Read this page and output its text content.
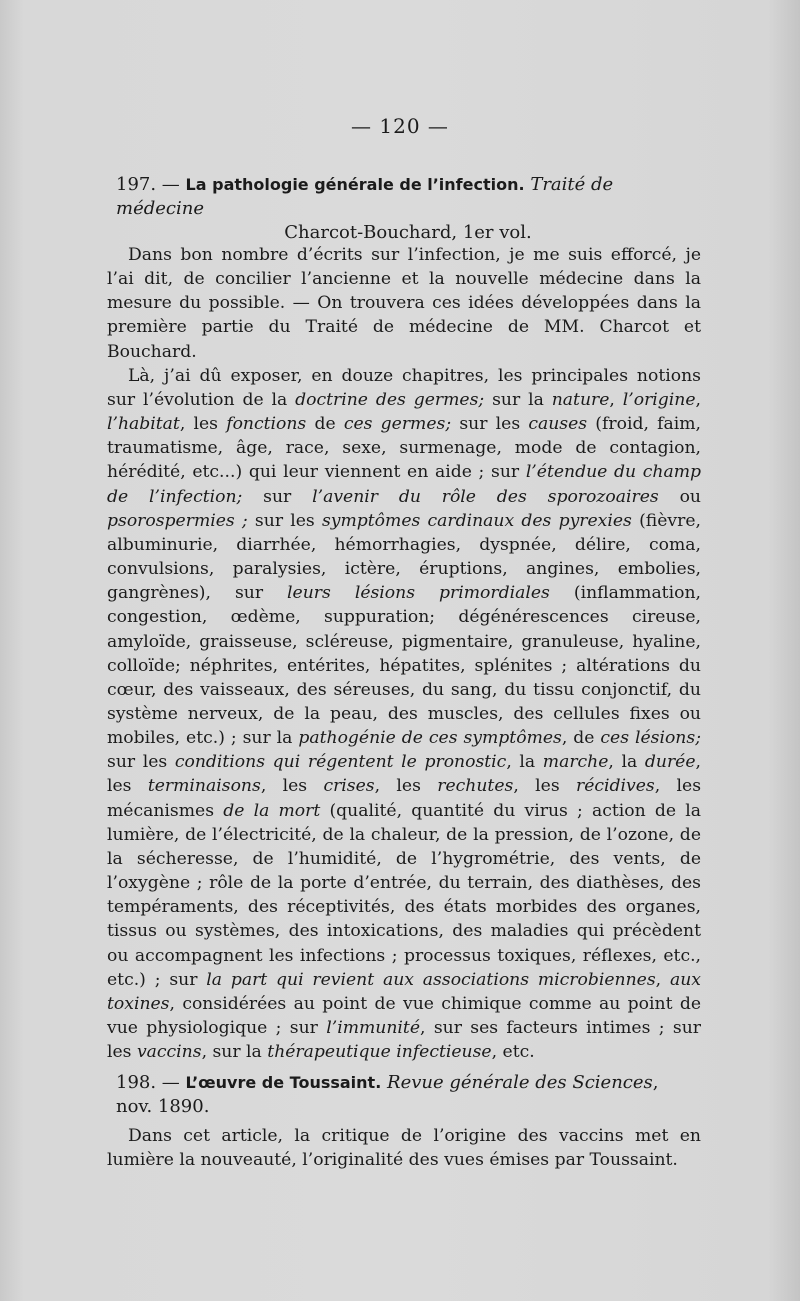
— 120 —
197. — La pathologie générale de l’infection. Traité de médecine
Charcot-Bouchard, 1er vol.

Dans bon nombre d’écrits sur l’infection, je me suis efforcé, je l’ai dit, de concilier l’ancienne et la nouvelle médecine dans la mesure du possible. — On trouvera ces idées développées dans la première partie du Traité de médecine de MM. Charcot et Bouchard.

Là, j’ai dû exposer, en douze chapitres, les principales notions sur l’évolution de la doctrine des germes; sur la nature, l’origine, l’habitat, les fonctions de ces germes; sur les causes (froid, faim, traumatisme, âge, race, sexe, surmenage, mode de contagion, hérédité, etc...) qui leur viennent en aide ; sur l’étendue du champ de l’infection; sur l’avenir du rôle des sporozoaires ou psorospermies ; sur les symptômes cardinaux des pyrexies (fièvre, albuminurie, diarrhée, hémorrhagies, dyspnée, délire, coma, convulsions, paralysies, ictère, éruptions, angines, embolies, gangrènes), sur leurs lésions primordiales (inflammation, congestion, œdème, suppuration; dégénérescences cireuse, amyloïde, graisseuse, scléreuse, pigmentaire, granuleuse, hyaline, colloïde; néphrites, entérites, hépatites, splénites ; altérations du cœur, des vaisseaux, des séreuses, du sang, du tissu conjonctif, du système nerveux, de la peau, des muscles, des cellules fixes ou mobiles, etc.) ; sur la pathogénie de ces symptômes, de ces lésions; sur les conditions qui régentent le pronostic, la marche, la durée, les terminaisons, les crises, les rechutes, les récidives, les mécanismes de la mort (qualité, quantité du virus ; action de la lumière, de l’électricité, de la chaleur, de la pression, de l’ozone, de la sécheresse, de l’humidité, de l’hygrométrie, des vents, de l’oxygène ; rôle de la porte d’entrée, du terrain, des diathèses, des tempéraments, des réceptivités, des états morbides des organes, tissus ou systèmes, des intoxications, des maladies qui précèdent ou accompagnent les infections ; processus toxiques, réflexes, etc., etc.) ; sur la part qui revient aux associations microbiennes, aux toxines, considérées au point de vue chimique comme au point de vue physiologique ; sur l’immunité, sur ses facteurs intimes ; sur les vaccins, sur la thérapeutique infectieuse, etc.

198. — L’œuvre de Toussaint. Revue générale des Sciences, nov. 1890.

Dans cet article, la critique de l’origine des vaccins met en lumière la nouveauté, l’originalité des vues émises par Toussaint.
